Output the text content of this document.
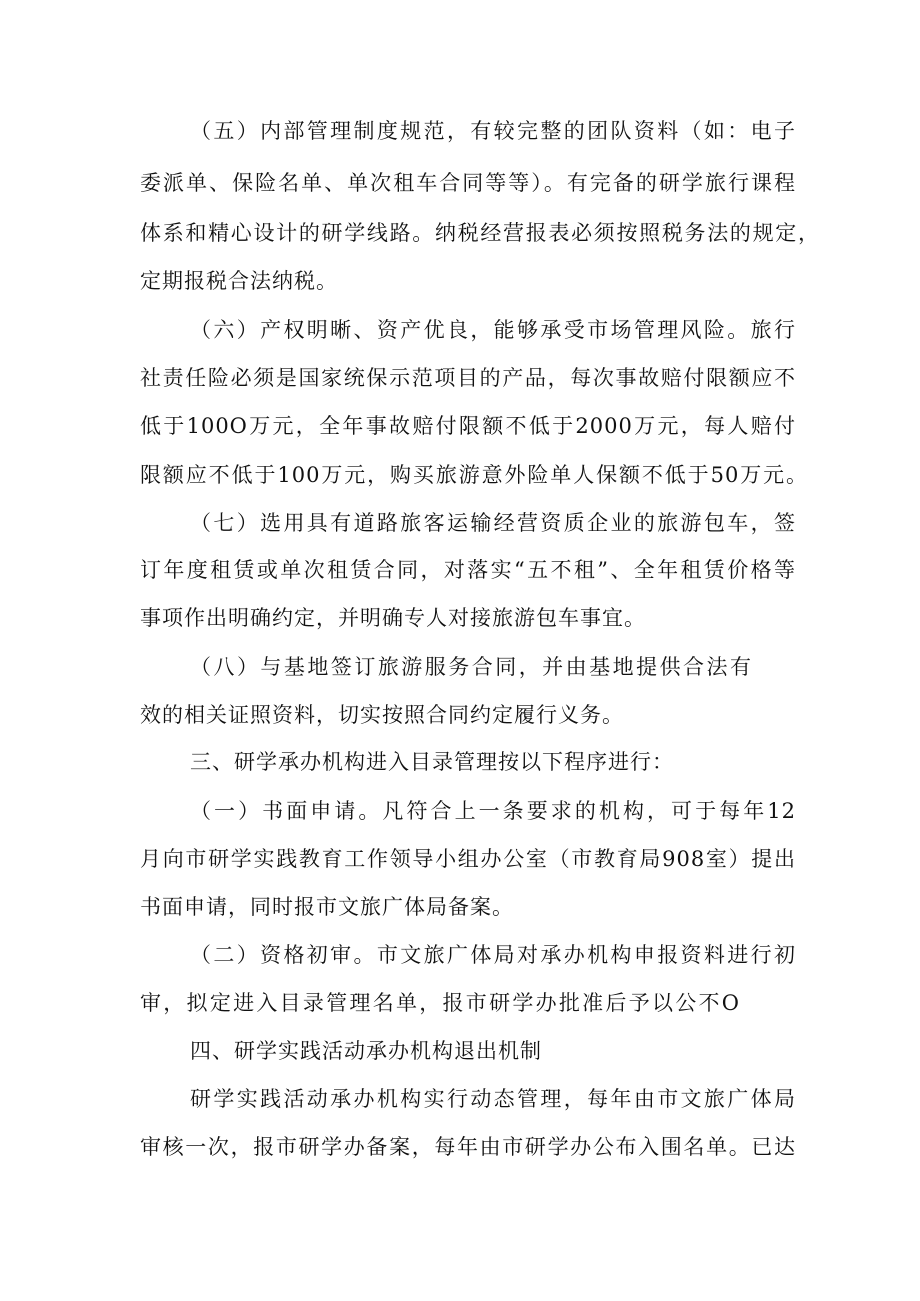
（五）内部管理制度规范，有较完整的团队资料（如：电子
委派单、保险名单、单次租车合同等等）。有完备的研学旅行课程
体系和精心设计的研学线路。纳税经营报表必须按照税务法的规定，
定期报税合法纳税。
（六）产权明晰、资产优良，能够承受市场管理风险。旅行
社责任险必须是国家统保示范项目的产品，每次事故赔付限额应不
低于100O万元，全年事故赔付限额不低于2000万元，每人赔付
限额应不低于100万元，购买旅游意外险单人保额不低于50万元。
（七）选用具有道路旅客运输经营资质企业的旅游包车，签
订年度租赁或单次租赁合同，对落实“五不租”、全年租赁价格等
事项作出明确约定，并明确专人对接旅游包车事宜。
（八）与基地签订旅游服务合同，并由基地提供合法有
效的相关证照资料，切实按照合同约定履行义务。
三、研学承办机构进入目录管理按以下程序进行：
（一）书面申请。凡符合上一条要求的机构，可于每年12
月向市研学实践教育工作领导小组办公室（市教育局908室）提出
书面申请，同时报市文旅广体局备案。
（二）资格初审。市文旅广体局对承办机构申报资料进行初
审，拟定进入目录管理名单，报市研学办批准后予以公不O
四、研学实践活动承办机构退出机制
研学实践活动承办机构实行动态管理，每年由市文旅广体局
审核一次，报市研学办备案，每年由市研学办公布入围名单。已达
